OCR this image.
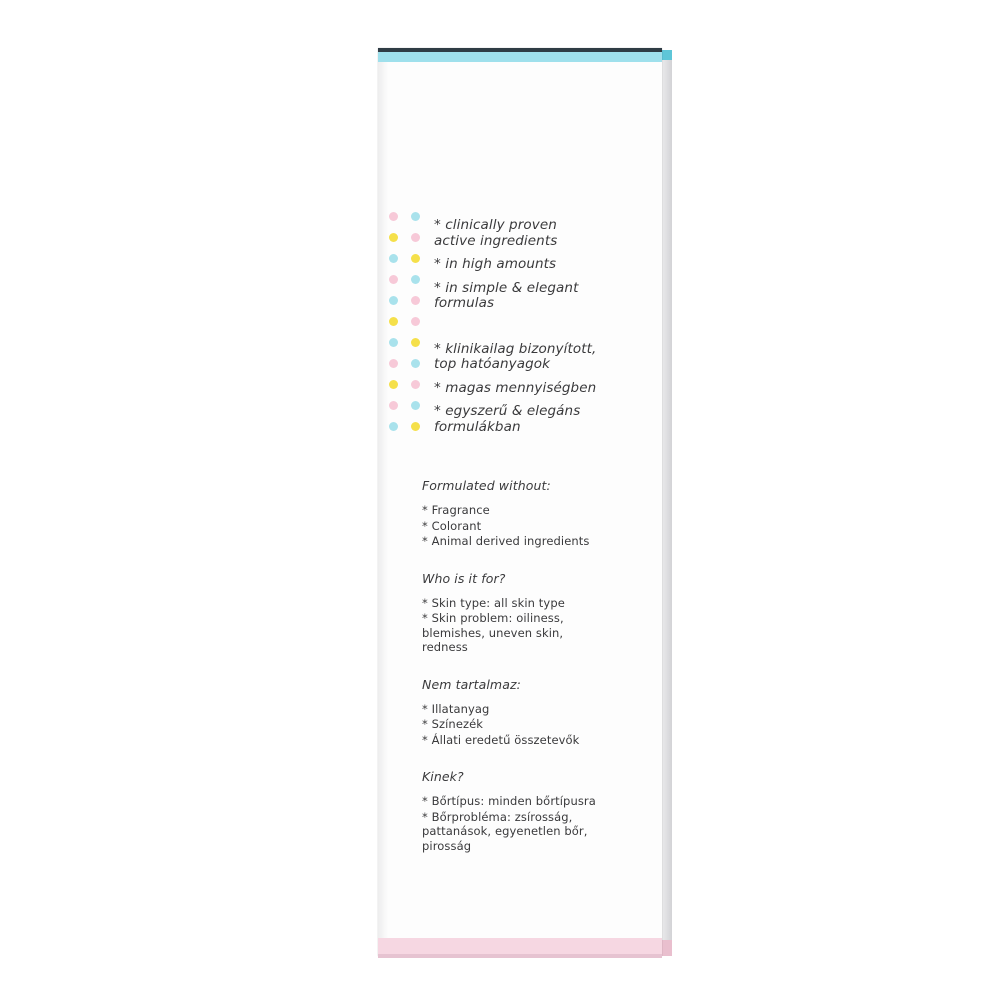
* clinically proven
active ingredients
* in high amounts
* in simple & elegant
formulas
* klinikailag bizonyított,
top hatóanyagok
* magas mennyiségben
* egyszerű & elegáns
formulákban
Formulated without:
* Fragrance
* Colorant
* Animal derived ingredients
Who is it for?
* Skin type: all skin type
* Skin problem: oiliness,
blemishes, uneven skin,
redness
Nem tartalmaz:
* Illatanyag
* Színezék
* Állati eredetű összetevők
Kinek?
* Bőrtípus: minden bőrtípusra
* Bőrprobléma: zsírosság,
pattanások, egyenetlen bőr,
pirosság
